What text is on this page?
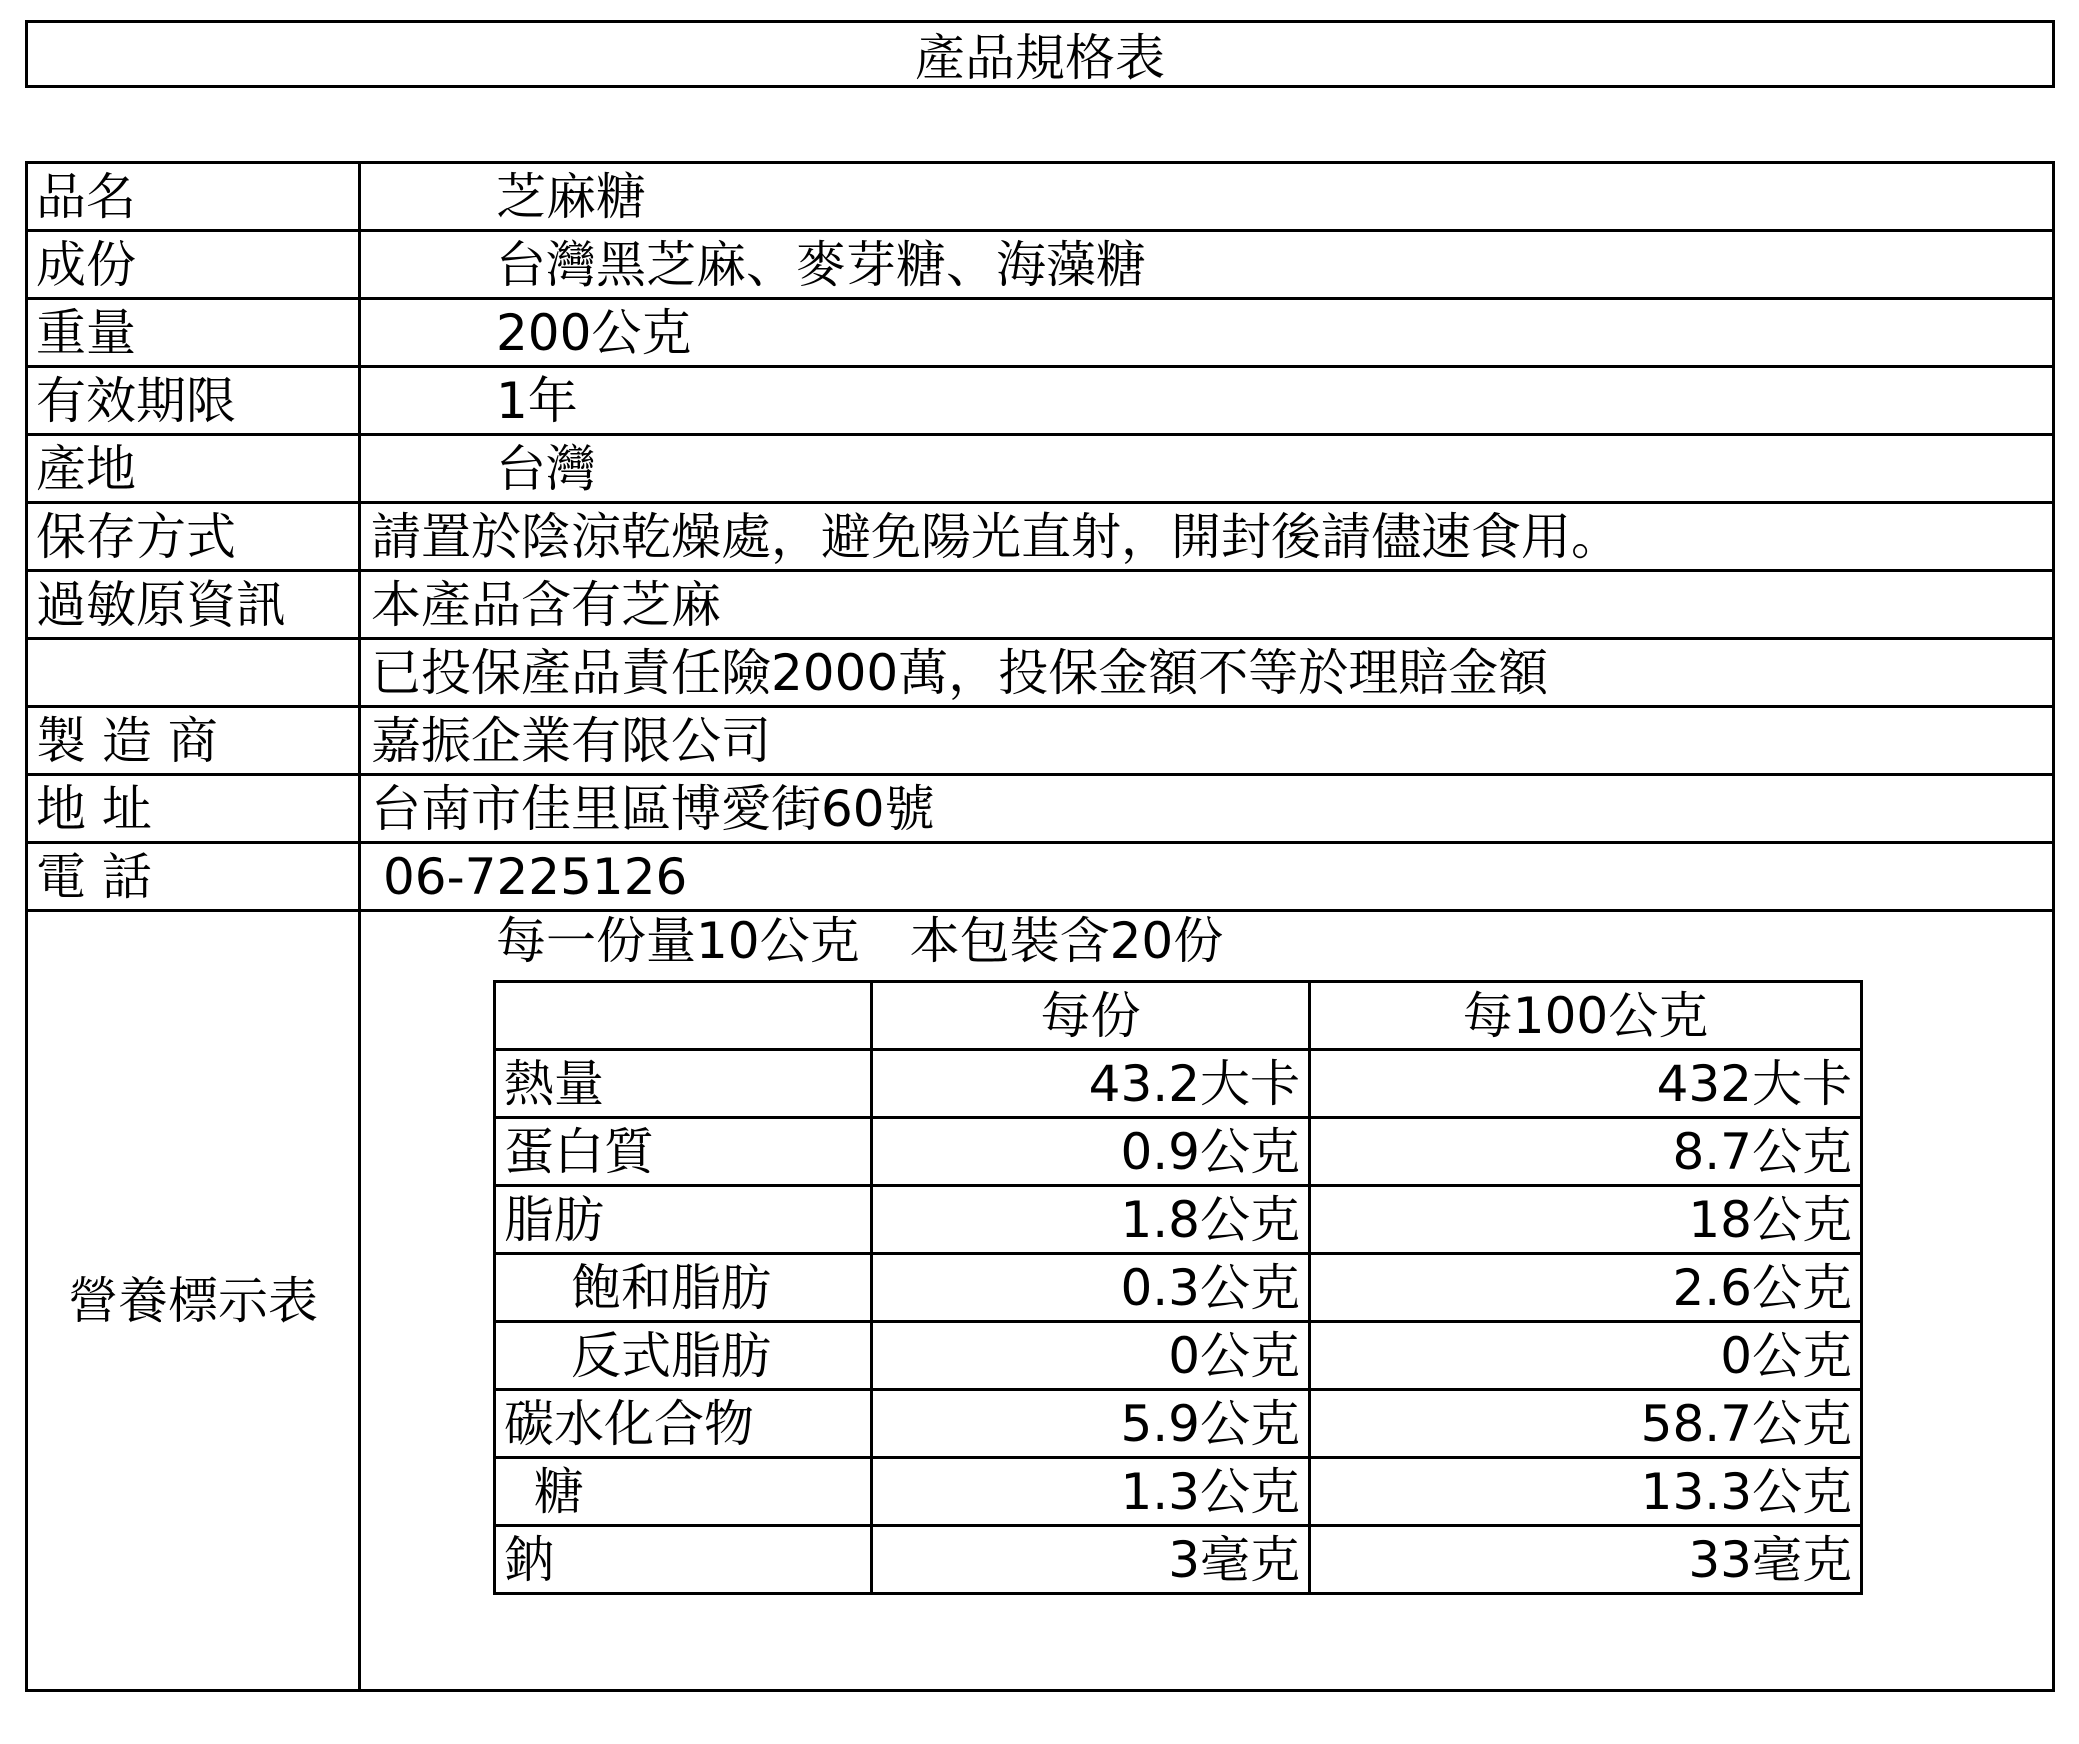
產品規格表
品名	芝麻糖
成份	台灣黑芝麻、麥芽糖、海藻糖
重量	200公克
有效期限	1年
產地	台灣
保存方式	請置於陰涼乾燥處，避免陽光直射，開封後請儘速食用。
過敏原資訊	本產品含有芝麻
	已投保產品責任險2000萬，投保金額不等於理賠金額
製 造 商	嘉振企業有限公司
地 址	台南市佳里區博愛街60號
電 話	06-7225126
營養標示表	
每一份量10公克　本包裝含20份
	每份	每100公克
熱量	43.2大卡	432大卡
蛋白質	0.9公克	8.7公克
脂肪	1.8公克	18公克
飽和脂肪	0.3公克	2.6公克
反式脂肪	0公克	0公克
碳水化合物	5.9公克	58.7公克
糖	1.3公克	13.3公克
鈉	3毫克	33毫克
